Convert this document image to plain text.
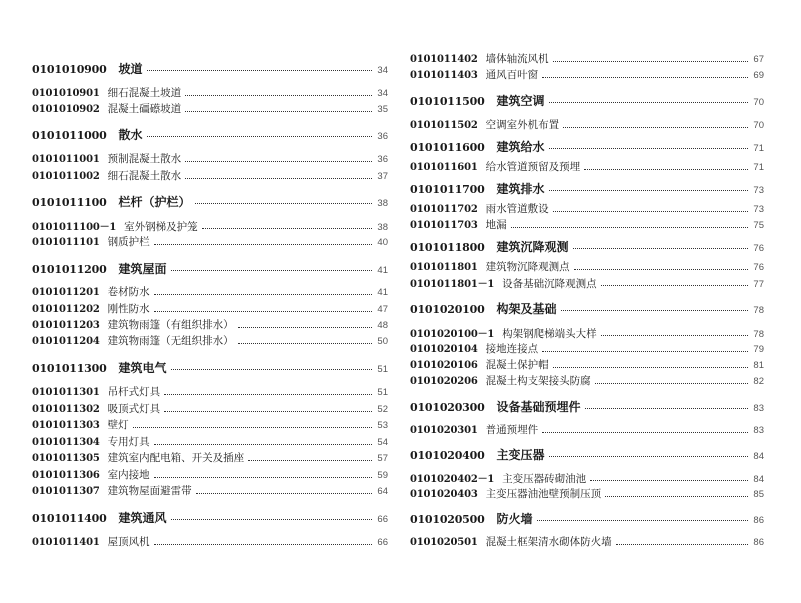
0101010900 坡道	34
0101010901 细石混凝土坡道	34
0101010902 混凝土礓礤坡道	35
0101011000 散水	36
0101011001 预制混凝土散水	36
0101011002 细石混凝土散水	37
0101011100 栏杆（护栏）	38
0101011100－1 室外钢梯及护笼	38
0101011101 钢质护栏	40
0101011200 建筑屋面	41
0101011201 卷材防水	41
0101011202 刚性防水	47
0101011203 建筑物雨篷（有组织排水）	48
0101011204 建筑物雨篷（无组织排水）	50
0101011300 建筑电气	51
0101011301 吊杆式灯具	51
0101011302 吸顶式灯具	52
0101011303 壁灯	53
0101011304 专用灯具	54
0101011305 建筑室内配电箱、开关及插座	57
0101011306 室内接地	59
0101011307 建筑物屋面避雷带	64
0101011400 建筑通风	66
0101011401 屋顶风机	66
0101011402 墙体轴流风机	67
0101011403 通风百叶窗	69
0101011500 建筑空调	70
0101011502 空调室外机布置	70
0101011600 建筑给水	71
0101011601 给水管道预留及预埋	71
0101011700 建筑排水	73
0101011702 雨水管道敷设	73
0101011703 地漏	75
0101011800 建筑沉降观测	76
0101011801 建筑物沉降观测点	76
0101011801－1 设备基础沉降观测点	77
0101020100 构架及基础	78
0101020100－1 构架钢爬梯端头大样	78
0101020104 接地连接点	79
0101020106 混凝土保护帽	81
0101020206 混凝土构支架接头防腐	82
0101020300 设备基础预埋件	83
0101020301 普通预埋件	83
0101020400 主变压器	84
0101020402－1 主变压器砖砌油池	84
0101020403 主变压器油池壁预制压顶	85
0101020500 防火墙	86
0101020501 混凝土框架清水砌体防火墙	86
